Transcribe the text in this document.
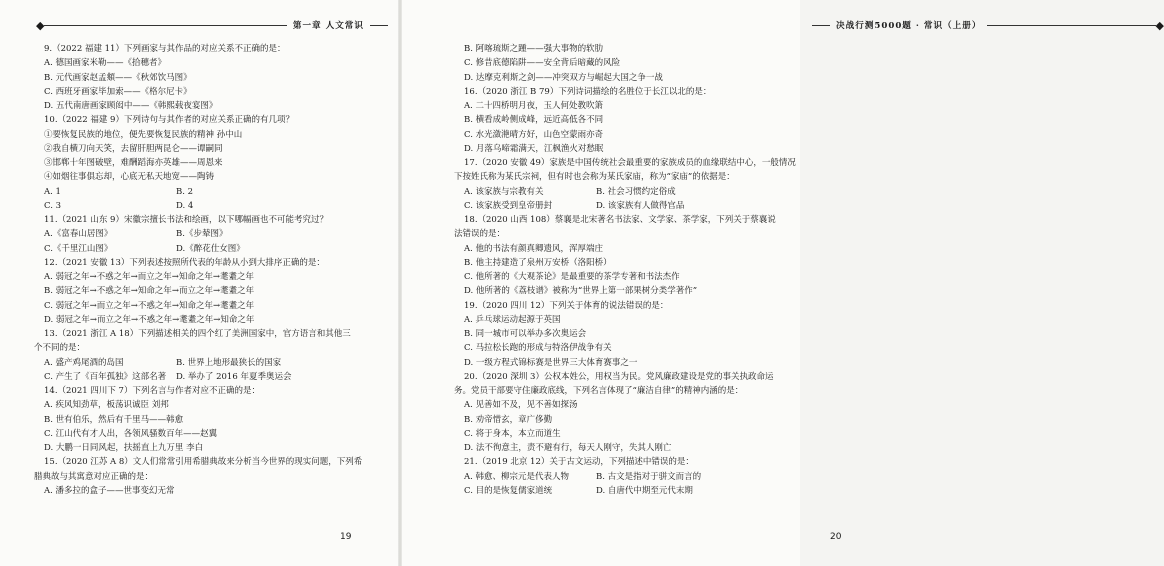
◆	第一章 人文常识
9.（2022 福建 11）下列画家与其作品的对应关系不正确的是：
A. 德国画家米勒——《拾穗者》
B. 元代画家赵孟頫——《秋郊饮马图》
C. 西班牙画家毕加索——《格尔尼卡》
D. 五代南唐画家顾闳中——《韩熙载夜宴图》
10.（2022 福建 9）下列诗句与其作者的对应关系正确的有几项？
①要恢复民族的地位，便先要恢复民族的精神 孙中山
②我自横刀向天笑，去留肝胆两昆仑——谭嗣同
③邯郸十年图破壁，难酬蹈海亦英雄——周恩来
④如烟往事俱忘却，心底无私天地宽——陶铸
A. 1	B. 2
C. 3	D. 4
11.（2021 山东 9）宋徽宗擅长书法和绘画，以下哪幅画也不可能考究过？
A.《富春山居图》	B.《步辇图》
C.《千里江山图》	D.《醉花仕女图》
12.（2021 安徽 13）下列表述按照所代表的年龄从小到大排序正确的是：
A. 弱冠之年→不惑之年→而立之年→知命之年→耄耋之年
B. 弱冠之年→不惑之年→知命之年→而立之年→耄耋之年
C. 弱冠之年→而立之年→不惑之年→知命之年→耄耋之年
D. 弱冠之年→而立之年→不惑之年→耄耋之年→知命之年
13.（2021 浙江 A 18）下列描述相关的四个红了美洲国家中，官方语言和其他三
个不同的是：
A. 盛产鸡尾酒的岛国	B. 世界上地形最狭长的国家
C. 产生了《百年孤独》这部名著	D. 举办了 2016 年夏季奥运会
14.（2021 四川下 7）下列名言与作者对应不正确的是：
A. 疾风知劲草，板荡识诚臣 刘邦
B. 世有伯乐，然后有千里马——韩愈
C. 江山代有才人出，各领风骚数百年——赵翼
D. 大鹏一日同风起，扶摇直上九万里 李白
15.（2020 江苏 A 8）文人们常常引用希腊典故来分析当今世界的现实问题，下列希
腊典故与其寓意对应正确的是：
A. 潘多拉的盒子——世事变幻无常
19
决战行测5000题 · 常识（上册）	◆
B. 阿喀琉斯之踵——强大事物的软肋
C. 修昔底德陷阱——安全背后暗藏的风险
D. 达摩克利斯之剑——冲突双方与崛起大国之争一战
16.（2020 浙江 B 79）下列诗词描绘的名胜位于长江以北的是：
A. 二十四桥明月夜，玉人何处教吹箫
B. 横看成岭侧成峰，远近高低各不同
C. 水光潋滟晴方好，山色空蒙雨亦奇
D. 月落乌啼霜满天，江枫渔火对愁眠
17.（2020 安徽 49）家族是中国传统社会最重要的家族成员的血缘联结中心，一般情况
下按姓氏称为某氏宗祠，但有时也会称为某氏家庙，称为“家庙”的依据是：
A. 该家族与宗教有关	B. 社会习惯约定俗成
C. 该家族受到皇帝册封	D. 该家族有人做得官品
18.（2020 山西 108）蔡襄是北宋著名书法家、文学家、茶学家，下列关于蔡襄说
法错误的是：
A. 他的书法有颜真卿遗风，浑厚端庄
B. 他主持建造了泉州万安桥（洛阳桥）
C. 他所著的《大观茶论》是最重要的茶学专著和书法杰作
D. 他所著的《荔枝谱》被称为“世界上第一部果树分类学著作”
19.（2020 四川 12）下列关于体育的说法错误的是：
A. 乒乓球运动起源于英国
B. 同一城市可以举办多次奥运会
C. 马拉松长跑的形成与特洛伊战争有关
D. 一级方程式锦标赛是世界三大体育赛事之一
20.（2020 深圳 3）公权本姓公，用权当为民。党风廉政建设是党的事关执政命运
务。党员干部要守住廉政底线，下列名言体现了“廉洁自律”的精神内涵的是：
A. 见善如不及，见不善如探汤
B. 劝帝惜玄，章广侈勤
C. 将于身本，本立而道生
D. 法不徇意主，责不避有行，每天人刚守，失其人刚亡
21.（2019 北京 12）关于古文运动，下列描述中错误的是：
A. 韩愈、柳宗元是代表人物	B. 古文是指对于骈文而言的
C. 目的是恢复儒家道统	D. 自唐代中期至元代末期
20
